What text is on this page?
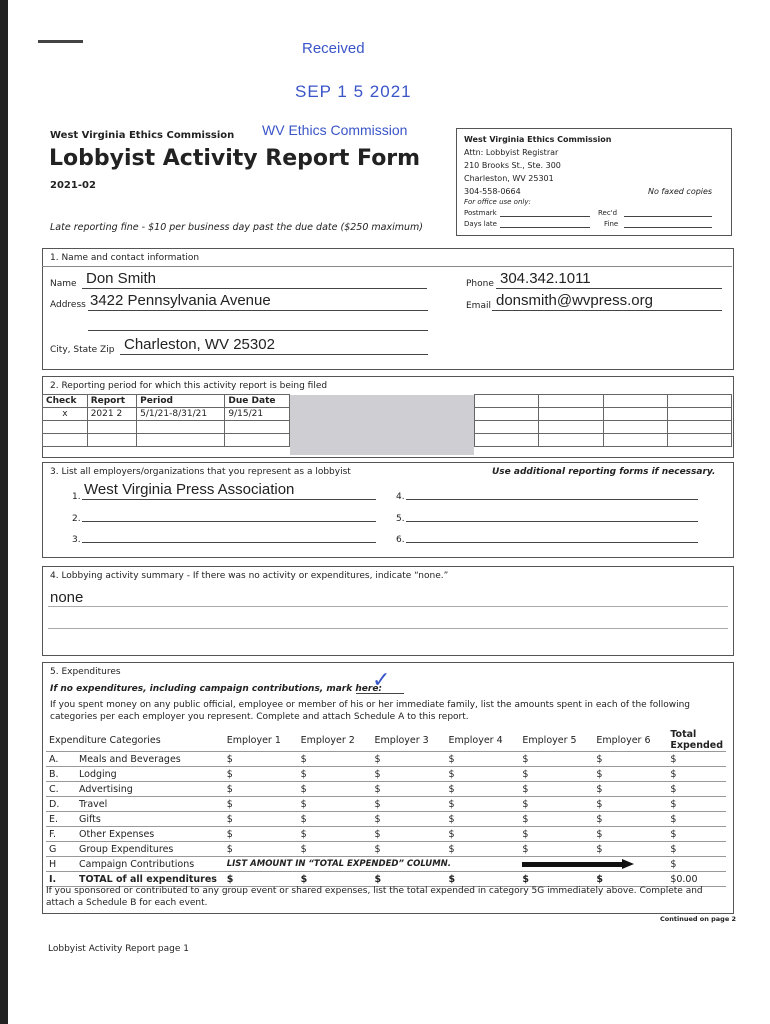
Received
SEP 1 5 2021
WV Ethics Commission
West Virginia Ethics Commission
Lobbyist Activity Report Form
2021-02
Late reporting fine - $10 per business day past the due date ($250 maximum)
West Virginia Ethics Commission
Attn: Lobbyist Registrar
210 Brooks St., Ste. 300
Charleston, WV 25301
304-558-0664	No faxed copies
For office use only:
Postmark	Rec'd
Days late	Fine
1. Name and contact information
Name Don Smith
Address 3422 Pennsylvania Avenue
City, State Zip Charleston, WV 25302
Phone 304.342.1011
Email donsmith@wvpress.org
2. Reporting period for which this activity report is being filed
Check	Report	Period	Due Date
x	2021 2	5/1/21-8/31/21	9/15/21

3. List all employers/organizations that you represent as a lobbyist	Use additional reporting forms if necessary.
1. West Virginia Press Association
2.
3.
4.
5.
6.
4. Lobbying activity summary - If there was no activity or expenditures, indicate “none.”
none
5. Expenditures
If no expenditures, including campaign contributions, mark here:
✓
If you spent money on any public official, employee or member of his or her immediate family, list the amounts spent in each of the following categories per each employer you represent. Complete and attach Schedule A to this report.
Expenditure Categories	Employer 1	Employer 2	Employer 3	Employer 4	Employer 5	Employer 6	Total Expended
A. Meals and Beverages	$	$	$	$	$	$	$
B. Lodging	$	$	$	$	$	$	$
C. Advertising	$	$	$	$	$	$	$
D. Travel	$	$	$	$	$	$	$
E. Gifts	$	$	$	$	$	$	$
F. Other Expenses	$	$	$	$	$	$	$
G Group Expenditures	$	$	$	$	$	$	$
H Campaign Contributions	LIST AMOUNT IN “TOTAL EXPENDED” COLUMN.						$
I. TOTAL of all expenditures	$	$	$	$	$	$	$0.00
If you sponsored or contributed to any group event or shared expenses, list the total expended in category 5G immediately above. Complete and attach a Schedule B for each event.
Continued on page 2
Lobbyist Activity Report page 1
